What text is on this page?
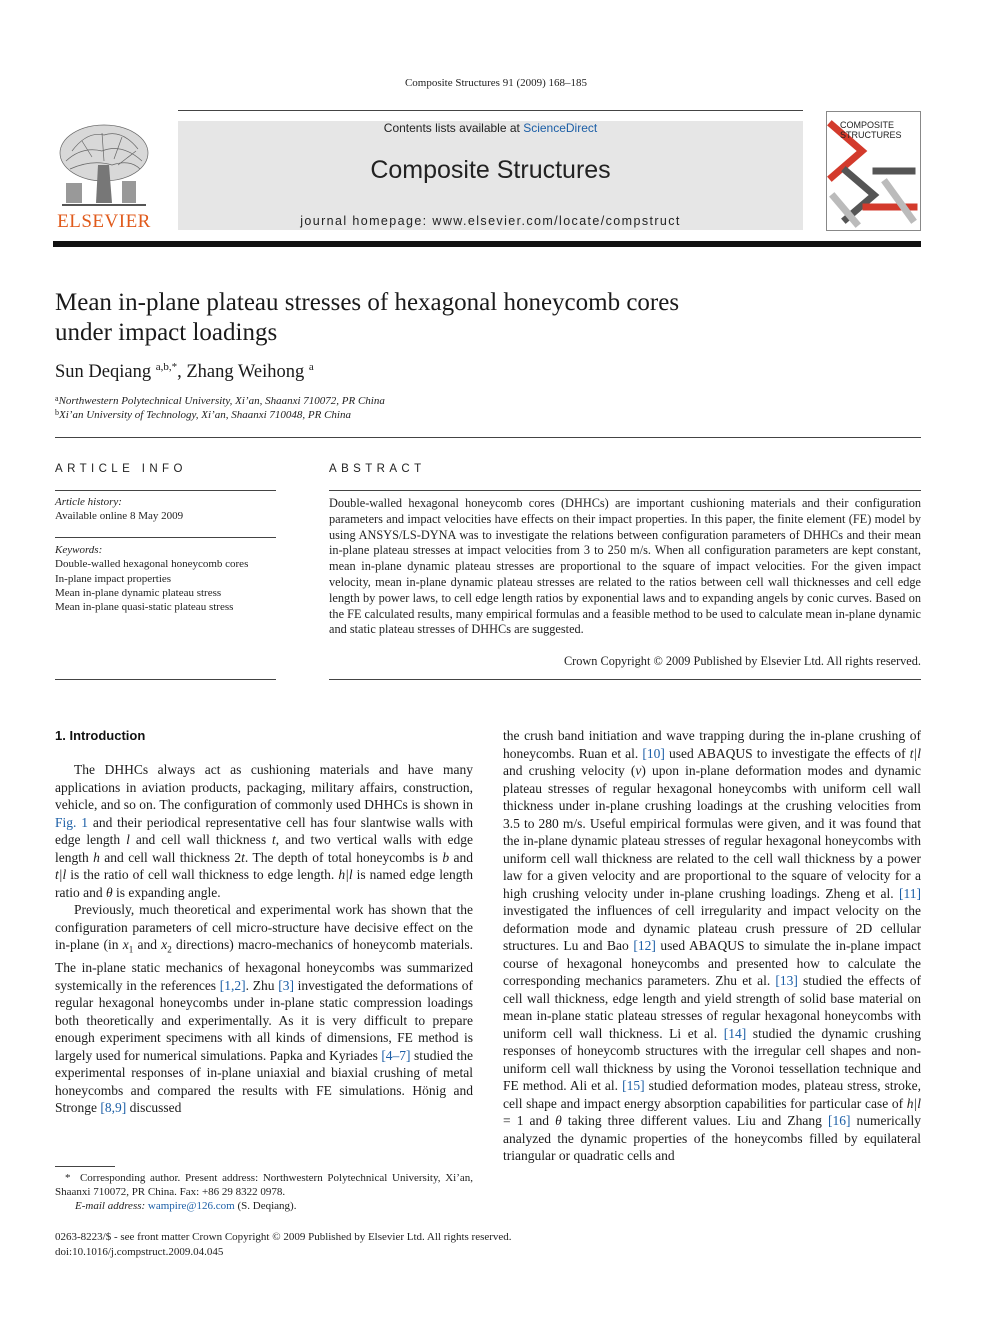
Composite Structures 91 (2009) 168–185
ELSEVIER
Contents lists available at ScienceDirect
Composite Structures
journal homepage: www.elsevier.com/locate/compstruct
COMPOSITE STRUCTURES
Mean in-plane plateau stresses of hexagonal honeycomb cores
under impact loadings
Sun Deqiang $^{a,b,*}$, Zhang Weihong $^a$
$^a$Northwestern Polytechnical University, Xi’an, Shaanxi 710072, PR China
$^b$Xi’an University of Technology, Xi’an, Shaanxi 710048, PR China
ARTICLE INFO
Article history:
Available online 8 May 2009
Keywords:
Double-walled hexagonal honeycomb cores
In-plane impact properties
Mean in-plane dynamic plateau stress
Mean in-plane quasi-static plateau stress
ABSTRACT
Double-walled hexagonal honeycomb cores (DHHCs) are important cushioning materials and their configuration parameters and impact velocities have effects on their impact properties. In this paper, the finite element (FE) model by using ANSYS/LS-DYNA was to investigate the relations between configuration parameters of DHHCs and their mean in-plane plateau stresses at impact velocities from 3 to 250 m/s. When all configuration parameters are kept constant, mean in-plane dynamic plateau stresses are proportional to the square of impact velocities. For the given impact velocity, mean in-plane dynamic plateau stresses are related to the ratios between cell wall thicknesses and cell edge length by power laws, to cell edge length ratios by exponential laws and to expanding angels by conic curves. Based on the FE calculated results, many empirical formulas and a feasible method to be used to calculate mean in-plane dynamic and static plateau stresses of DHHCs are suggested.
Crown Copyright © 2009 Published by Elsevier Ltd. All rights reserved.
1. Introduction

The DHHCs always act as cushioning materials and have many applications in aviation products, packaging, military affairs, construction, vehicle, and so on. The configuration of commonly used DHHCs is shown in Fig. 1 and their periodical representative cell has four slantwise walls with edge length l and cell wall thickness t, and two vertical walls with edge length h and cell wall thickness 2t. The depth of total honeycombs is b and t|l is the ratio of cell wall thickness to edge length. h|l is named edge length ratio and θ is expanding angle.

Previously, much theoretical and experimental work has shown that the configuration parameters of cell micro-structure have decisive effect on the in-plane (in $x_1$ and $x_2$ directions) macro-mechanics of honeycomb materials. The in-plane static mechanics of hexagonal honeycombs was summarized systemically in the references [1,2]. Zhu [3] investigated the deformations of regular hexagonal honeycombs under in-plane static compression loadings both theoretically and experimentally. As it is very difficult to prepare enough experiment specimens with all kinds of dimensions, FE method is largely used for numerical simulations. Papka and Kyriades [4–7] studied the experimental responses of in-plane uniaxial and biaxial crushing of metal honeycombs and compared the results with FE simulations. Hönig and Stronge [8,9] discussed

the crush band initiation and wave trapping during the in-plane crushing of honeycombs. Ruan et al. [10] used ABAQUS to investigate the effects of t|l and crushing velocity (v) upon in-plane deformation modes and dynamic plateau stresses of regular hexagonal honeycombs with uniform cell wall thickness under in-plane crushing loadings at the crushing velocities from 3.5 to 280 m/s. Useful empirical formulas were given, and it was found that the in-plane dynamic plateau stresses of regular hexagonal honeycombs with uniform cell wall thickness are related to the cell wall thickness by a power law for a given velocity and are proportional to the square of velocity for a high crushing velocity under in-plane crushing loadings. Zheng et al. [11] investigated the influences of cell irregularity and impact velocity on the deformation mode and dynamic plateau crush pressure of 2D cellular structures. Lu and Bao [12] used ABAQUS to simulate the in-plane impact course of hexagonal honeycombs and presented how to calculate the corresponding mechanics parameters. Zhu et al. [13] studied the effects of cell wall thickness, edge length and yield strength of solid base material on mean in-plane static plateau stresses of regular hexagonal honeycombs with uniform cell wall thickness. Li et al. [14] studied the dynamic crushing responses of honeycomb structures with the irregular cell shapes and non-uniform cell wall thickness by using the Voronoi tessellation technique and FE method. Ali et al. [15] studied deformation modes, plateau stress, stroke, cell shape and impact energy absorption capabilities for particular case of h|l = 1 and θ taking three different values. Liu and Zhang [16] numerically analyzed the dynamic properties of the honeycombs filled by equilateral triangular or quadratic cells and

* Corresponding author. Present address: Northwestern Polytechnical University, Xi’an, Shaanxi 710072, PR China. Fax: +86 29 8322 0978.
E-mail address: wampire@126.com (S. Deqiang).
0263-8223/$ - see front matter Crown Copyright © 2009 Published by Elsevier Ltd. All rights reserved.
doi:10.1016/j.compstruct.2009.04.045
